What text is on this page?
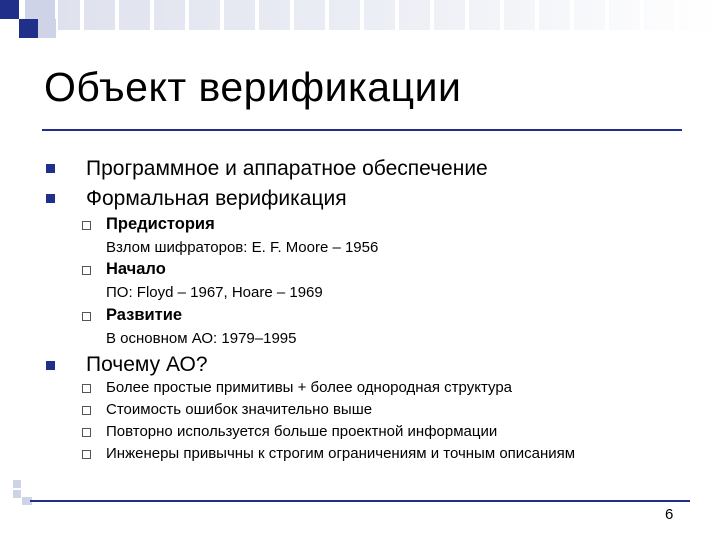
Объект верификации
Программное и аппаратное обеспечение
Формальная верификация
Предистория
Взлом шифраторов: E. F. Moore – 1956
Начало
ПО: Floyd – 1967, Hoare – 1969
Развитие
В основном АО: 1979–1995
Почему АО?
Более простые примитивы + более однородная структура
Стоимость ошибок значительно выше
Повторно используется больше проектной информации
Инженеры привычны к строгим ограничениям и точным описаниям
6
